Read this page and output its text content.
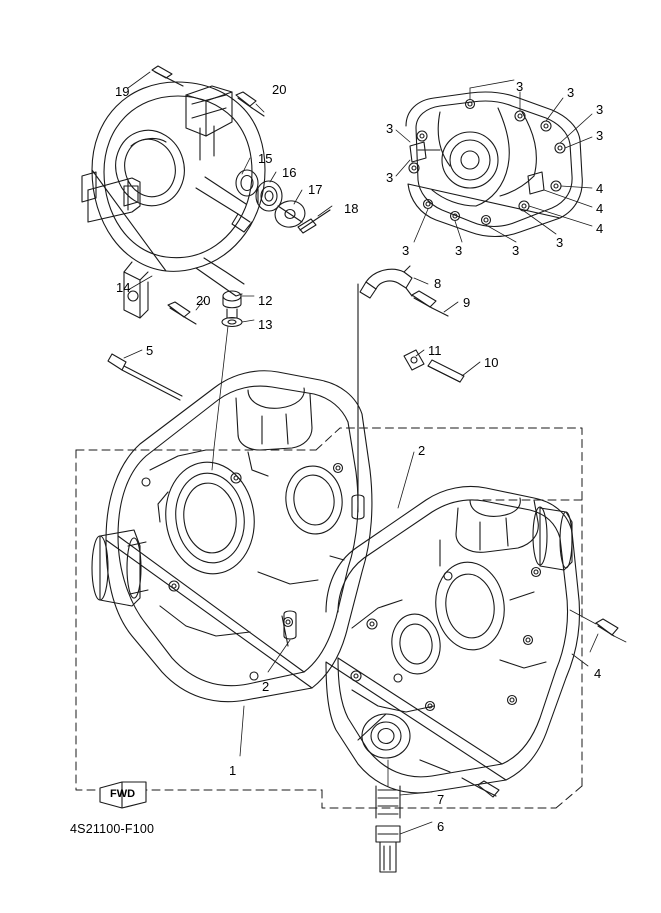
19	20
15
16
17
18
14
20	12
13
5
8
9
11
10
2
2
1
4
7
6
3	3
3
3
3
3
4
4
4
3	3	3
3
FWD
4S21100-F100
